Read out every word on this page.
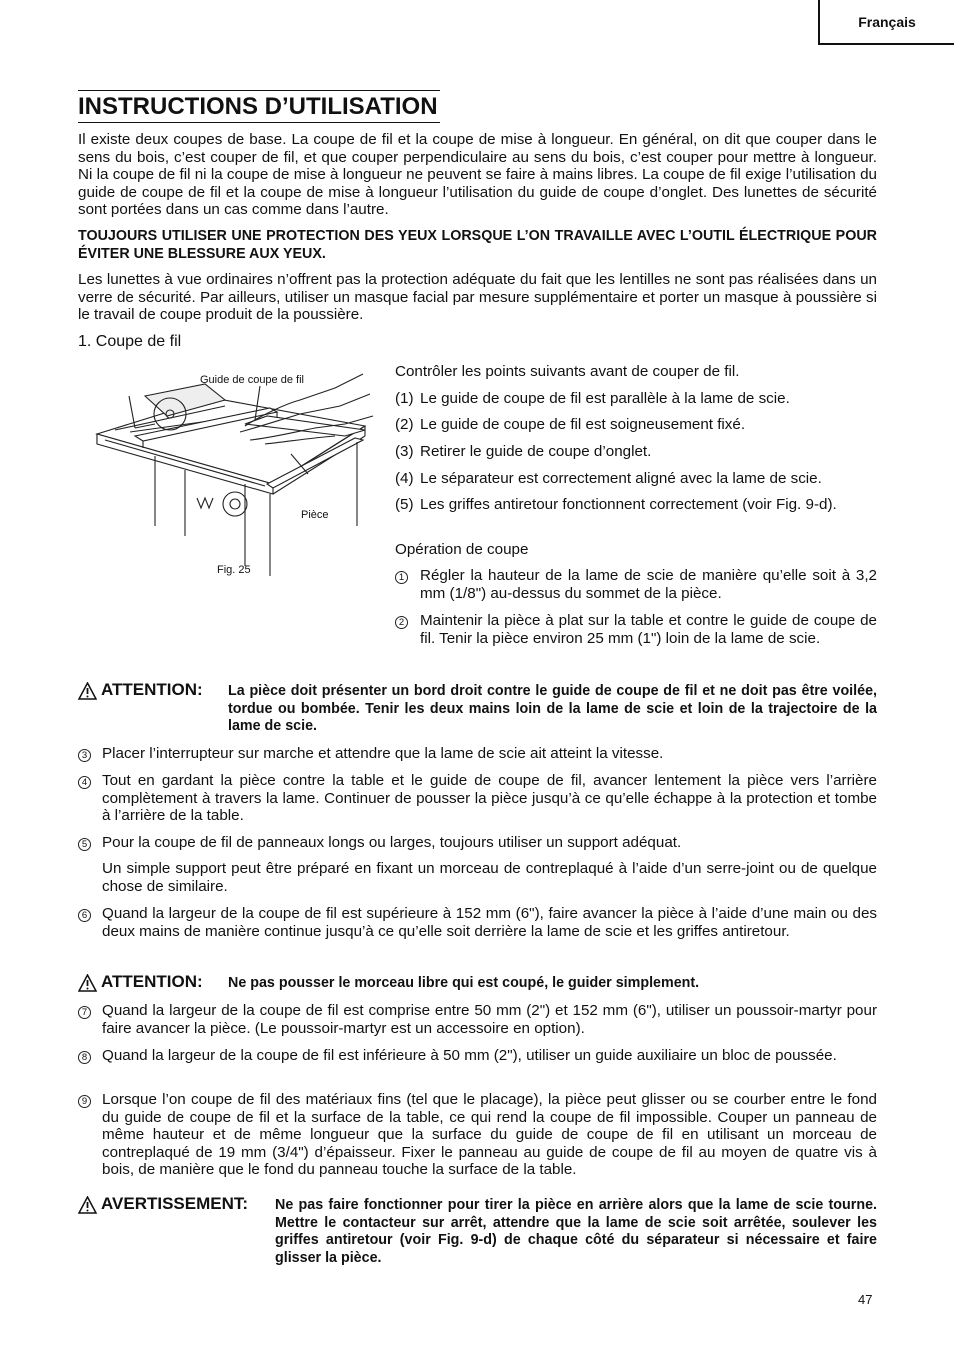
Français
INSTRUCTIONS D’UTILISATION

Il existe deux coupes de base. La coupe de fil et la coupe de mise à longueur. En général, on dit que couper dans le sens du bois, c’est couper de fil, et que couper perpendiculaire au sens du bois, c’est couper pour mettre à longueur. Ni la coupe de fil ni la coupe de mise à longueur ne peuvent se faire à mains libres. La coupe de fil exige l’utilisation du guide de coupe de fil et la coupe de mise à longueur l’utilisation du guide de coupe d’onglet. Des lunettes de sécurité sont portées dans un cas comme dans l’autre.

TOUJOURS UTILISER UNE PROTECTION DES YEUX LORSQUE L’ON TRAVAILLE AVEC L’OUTIL ÉLECTRIQUE POUR ÉVITER UNE BLESSURE AUX YEUX.

Les lunettes à vue ordinaires n’offrent pas la protection adéquate du fait que les lentilles ne sont pas réalisées dans un verre de sécurité. Par ailleurs, utiliser un masque facial par mesure supplémentaire et porter un masque à poussière si le travail de coupe produit de la poussière.

1. Coupe de fil
Guide de coupe de fil
Pièce
Fig. 25
Contrôler les points suivants avant de couper de fil.
(1) Le guide de coupe de fil est parallèle à la lame de scie.
(2) Le guide de coupe de fil est soigneusement fixé.
(3) Retirer le guide de coupe d’onglet.
(4) Le séparateur est correctement aligné avec la lame de scie.
(5) Les griffes antiretour fonctionnent correctement (voir Fig. 9-d).
Opération de coupe
1	Régler la hauteur de la lame de scie de manière qu’elle soit à 3,2 mm (1/8") au-dessus du sommet de la pièce.
2	Maintenir la pièce à plat sur la table et contre le guide de coupe de fil. Tenir la pièce environ 25 mm (1") loin de la lame de scie.
ATTENTION: La pièce doit présenter un bord droit contre le guide de coupe de fil et ne doit pas être voilée, tordue ou bombée. Tenir les deux mains loin de la lame de scie et loin de la trajectoire de la lame de scie.
3 Placer l’interrupteur sur marche et attendre que la lame de scie ait atteint la vitesse.
4 Tout en gardant la pièce contre la table et le guide de coupe de fil, avancer lentement la pièce vers l’arrière complètement à travers la lame. Continuer de pousser la pièce jusqu’à ce qu’elle échappe à la protection et tombe à l’arrière de la table.
5 Pour la coupe de fil de panneaux longs ou larges, toujours utiliser un support adéquat.
Un simple support peut être préparé en fixant un morceau de contreplaqué à l’aide d’un serre-joint ou de quelque chose de similaire.
6 Quand la largeur de la coupe de fil est supérieure à 152 mm (6"), faire avancer la pièce à l’aide d’une main ou des deux mains de manière continue jusqu’à ce qu’elle soit derrière la lame de scie et les griffes antiretour.
ATTENTION: Ne pas pousser le morceau libre qui est coupé, le guider simplement.
7 Quand la largeur de la coupe de fil est comprise entre 50 mm (2") et 152 mm (6"), utiliser un poussoir-martyr pour faire avancer la pièce. (Le poussoir-martyr est un accessoire en option).
8 Quand la largeur de la coupe de fil est inférieure à 50 mm (2"), utiliser un guide auxiliaire un bloc de poussée.
9 Lorsque l’on coupe de fil des matériaux fins (tel que le placage), la pièce peut glisser ou se courber entre le fond du guide de coupe de fil et la surface de la table, ce qui rend la coupe de fil impossible. Couper un panneau de même hauteur et de même longueur que la surface du guide de coupe de fil en utilisant un morceau de contreplaqué de 19 mm (3/4") d’épaisseur. Fixer le panneau au guide de coupe de fil au moyen de quatre vis à bois, de manière que le fond du panneau touche la surface de la table.
AVERTISSEMENT: Ne pas faire fonctionner pour tirer la pièce en arrière alors que la lame de scie tourne. Mettre le contacteur sur arrêt, attendre que la lame de scie soit arrêtée, soulever les griffes antiretour (voir Fig. 9-d) de chaque côté du séparateur si nécessaire et faire glisser la pièce.
47
